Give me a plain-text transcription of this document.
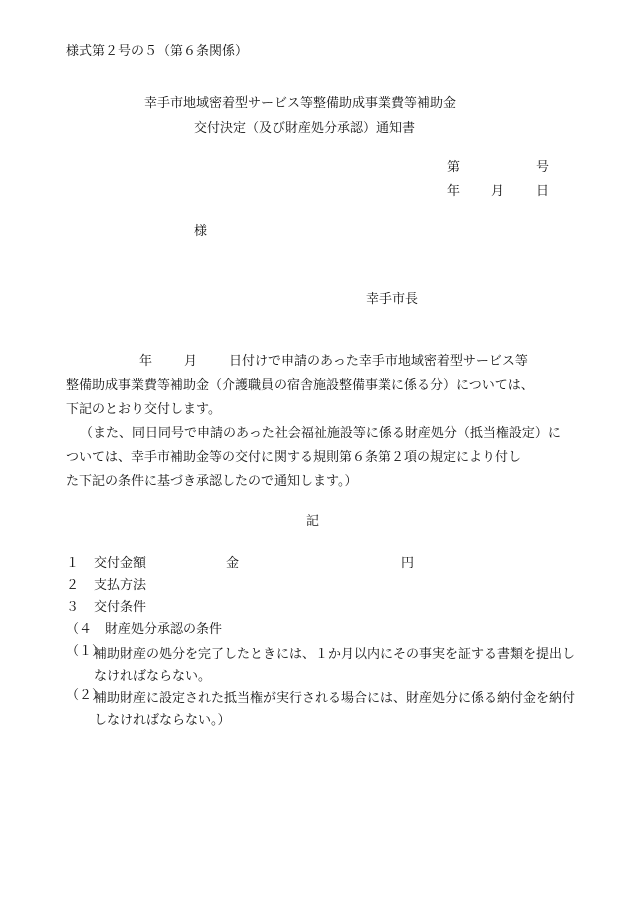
様式第２号の５（第６条関係）
幸手市地域密着型サービス等整備助成事業費等補助金
交付決定（及び財産処分承認）通知書
第	号
年 月 日
様
幸手市長
年 月 日付けで申請のあった幸手市地域密着型サービス等
整備助成事業費等補助金（介護職員の宿舎施設整備事業に係る分）については、
下記のとおり交付します。
（また、同日同号で申請のあった社会福祉施設等に係る財産処分（抵当権設定）に
ついては、幸手市補助金等の交付に関する規則第６条第２項の規定により付し
た下記の条件に基づき承認したので通知します。）
記
１ 交付金額	金	円
２ 支払方法
３ 交付条件
（４　財産処分承認の条件
（１）
補助財産の処分を完了したときには、１か月以内にその事実を証する書類を提出しなければならない。
（２）
補助財産に設定された抵当権が実行される場合には、財産処分に係る納付金を納付しなければならない。）
